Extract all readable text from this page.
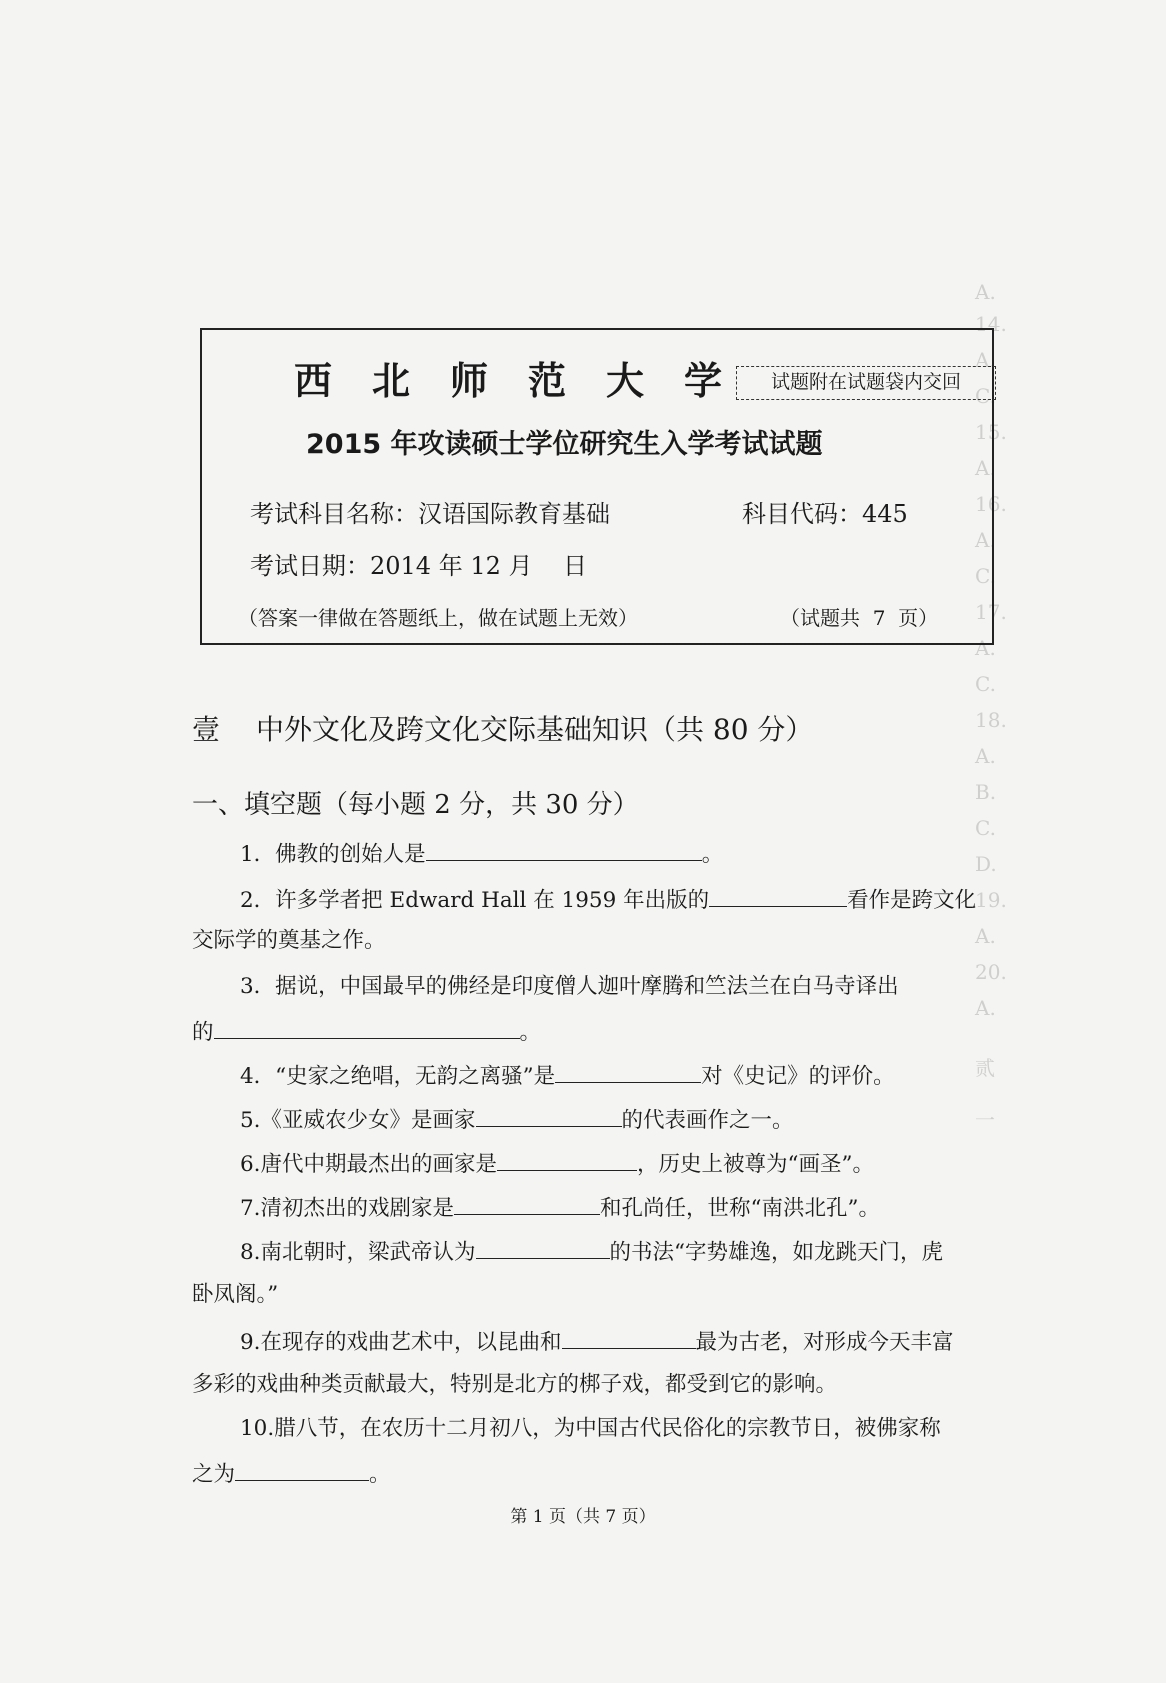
A.
14.
A.
C.
15.
A.
16.
A.
C.
17.
A.
C.
18.
A.
B.
C.
D.
19.
A.
20.
A.
贰
一
西北师范大学 试题附在试题袋内交回
2015 年攻读硕士学位研究生入学考试试题
考试科目名称：汉语国际教育基础	科目代码：445
考试日期：2014 年 12 月    日
（答案一律做在答题纸上，做在试题上无效）	（试题共  7  页）
壹 中外文化及跨文化交际基础知识（共 80 分）
一、填空题（每小题 2 分，共 30 分）
1．佛教的创始人是	。
2．许多学者把 Edward Hall 在 1959 年出版的	看作是跨文化
交际学的奠基之作。
3．据说，中国最早的佛经是印度僧人迦叶摩腾和竺法兰在白马寺译出
的	。
4．“史家之绝唱，无韵之离骚”是	对《史记》的评价。
5.《亚威农少女》是画家	的代表画作之一。
6.唐代中期最杰出的画家是	，历史上被尊为“画圣”。
7.清初杰出的戏剧家是	和孔尚任，世称“南洪北孔”。
8.南北朝时，梁武帝认为	的书法“字势雄逸，如龙跳天门，虎
卧凤阁。”
9.在现存的戏曲艺术中，以昆曲和	最为古老，对形成今天丰富
多彩的戏曲种类贡献最大，特别是北方的梆子戏，都受到它的影响。
10.腊八节，在农历十二月初八，为中国古代民俗化的宗教节日，被佛家称
之为	。
第 1 页（共 7 页）
